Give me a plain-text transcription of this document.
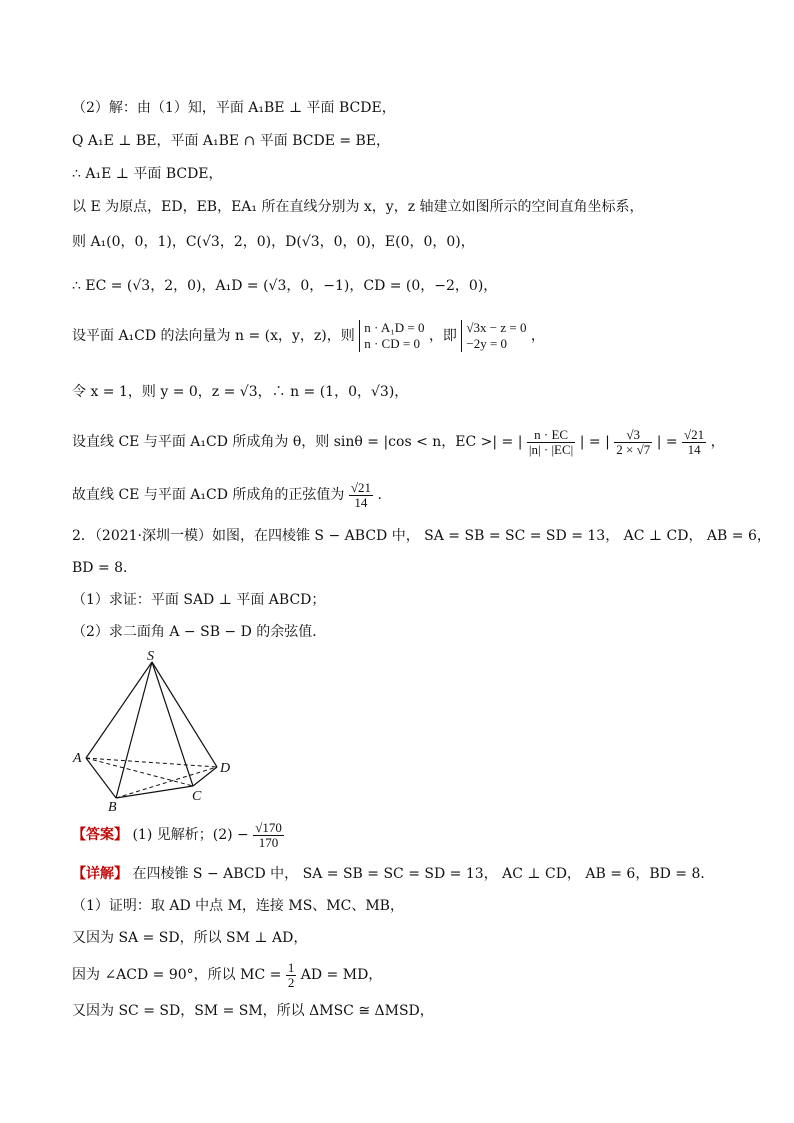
（2）解：由（1）知，平面 A₁BE ⊥ 平面 BCDE，
Q A₁E ⊥ BE，平面 A₁BE ∩ 平面 BCDE = BE，
∴ A₁E ⊥ 平面 BCDE，
以 E 为原点，ED，EB，EA₁ 所在直线分别为 x，y，z 轴建立如图所示的空间直角坐标系，
则 A₁(0，0，1)，C(√3，2，0)，D(√3，0，0)，E(0，0，0)，
∴ EC = (√3，2，0)，A₁D = (√3，0，−1)，CD = (0，−2，0)，
设平面 A₁CD 的法向量为 n = (x，y，z)，则
n · A₁D = 0
n · CD = 0 ，即
√3x − z = 0
−2y = 0	，
令 x = 1，则 y = 0，z = √3，∴ n = (1，0，√3)，
设直线 CE 与平面 A₁CD 所成角为 θ，则 sinθ = |cos < n，EC >| = | $\frac{n \cdot EC}{|n| \cdot |EC|}$ | = | $\frac{√3}{2 \times √7}$ | = $\frac{√21}{14}$ ，
故直线 CE 与平面 A₁CD 所成角的正弦值为 $\frac{√21}{14}$ .
2．（2021·深圳一模）如图，在四棱锥 S − ABCD 中， SA = SB = SC = SD = 13， AC ⊥ CD， AB = 6，
BD = 8．
（1）求证：平面 SAD ⊥ 平面 ABCD；
（2）求二面角 A − SB − D 的余弦值．
S
A
B
C
D
【答案】 (1) 见解析；$(2) - \frac{√170}{170}$
【详解】 在四棱锥 S − ABCD 中， SA = SB = SC = SD = 13， AC ⊥ CD， AB = 6，BD = 8．
（1）证明：取 AD 中点 M，连接 MS、MC、MB，
又因为 SA = SD，所以 SM ⊥ AD，
因为 ∠ACD = 90°，所以 MC = $\frac{1}{2}$ AD = MD，
又因为 SC = SD，SM = SM，所以 ΔMSC ≅ ΔMSD，
